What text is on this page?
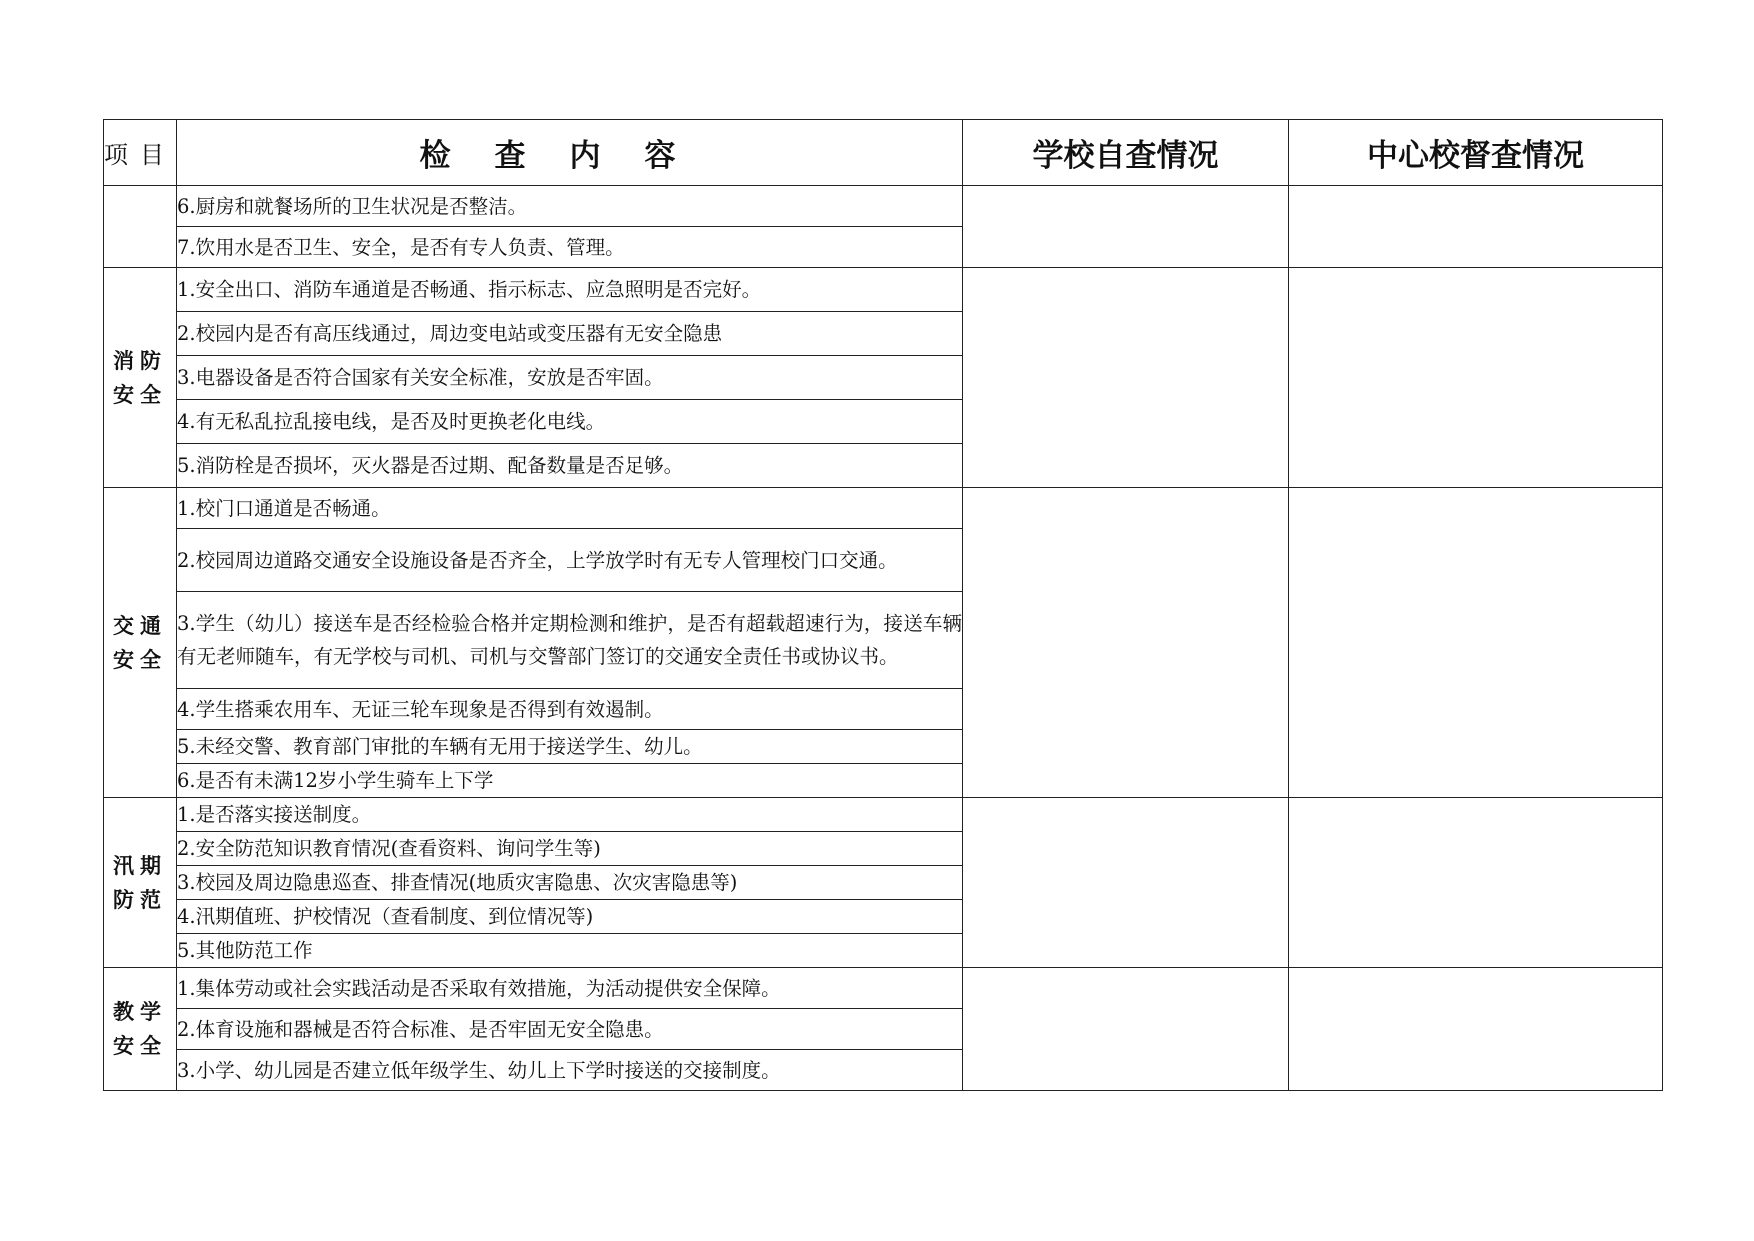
项目	检查内容	学校自查情况	中心校督查情况
	6.厨房和就餐场所的卫生状况是否整洁。		
	7.饮用水是否卫生、安全，是否有专人负责、管理。		

消防
安全	1.安全出口、消防车通道是否畅通、指示标志、应急照明是否完好。		
	2.校园内是否有高压线通过，周边变电站或变压器有无安全隐患		
	3.电器设备是否符合国家有关安全标准，安放是否牢固。		
	4.有无私乱拉乱接电线，是否及时更换老化电线。		
	5.消防栓是否损坏，灭火器是否过期、配备数量是否足够。		

交通
安全	1.校门口通道是否畅通。		
	2.校园周边道路交通安全设施设备是否齐全，上学放学时有无专人管理校门口交通。		
	3.学生（幼儿）接送车是否经检验合格并定期检测和维护，是否有超载超速行为，接送车辆有无老师随车，有无学校与司机、司机与交警部门签订的交通安全责任书或协议书。		
	4.学生搭乘农用车、无证三轮车现象是否得到有效遏制。		
	5.未经交警、教育部门审批的车辆有无用于接送学生、幼儿。		
	6.是否有未满12岁小学生骑车上下学		

汛期
防范	1.是否落实接送制度。		
	2.安全防范知识教育情况(查看资料、询问学生等)		
	3.校园及周边隐患巡查、排查情况(地质灾害隐患、次灾害隐患等)		
	4.汛期值班、护校情况（查看制度、到位情况等)		
	5.其他防范工作		

教学
安全	1.集体劳动或社会实践活动是否采取有效措施，为活动提供安全保障。		
	2.体育设施和器械是否符合标准、是否牢固无安全隐患。		
	3.小学、幼儿园是否建立低年级学生、幼儿上下学时接送的交接制度。		
